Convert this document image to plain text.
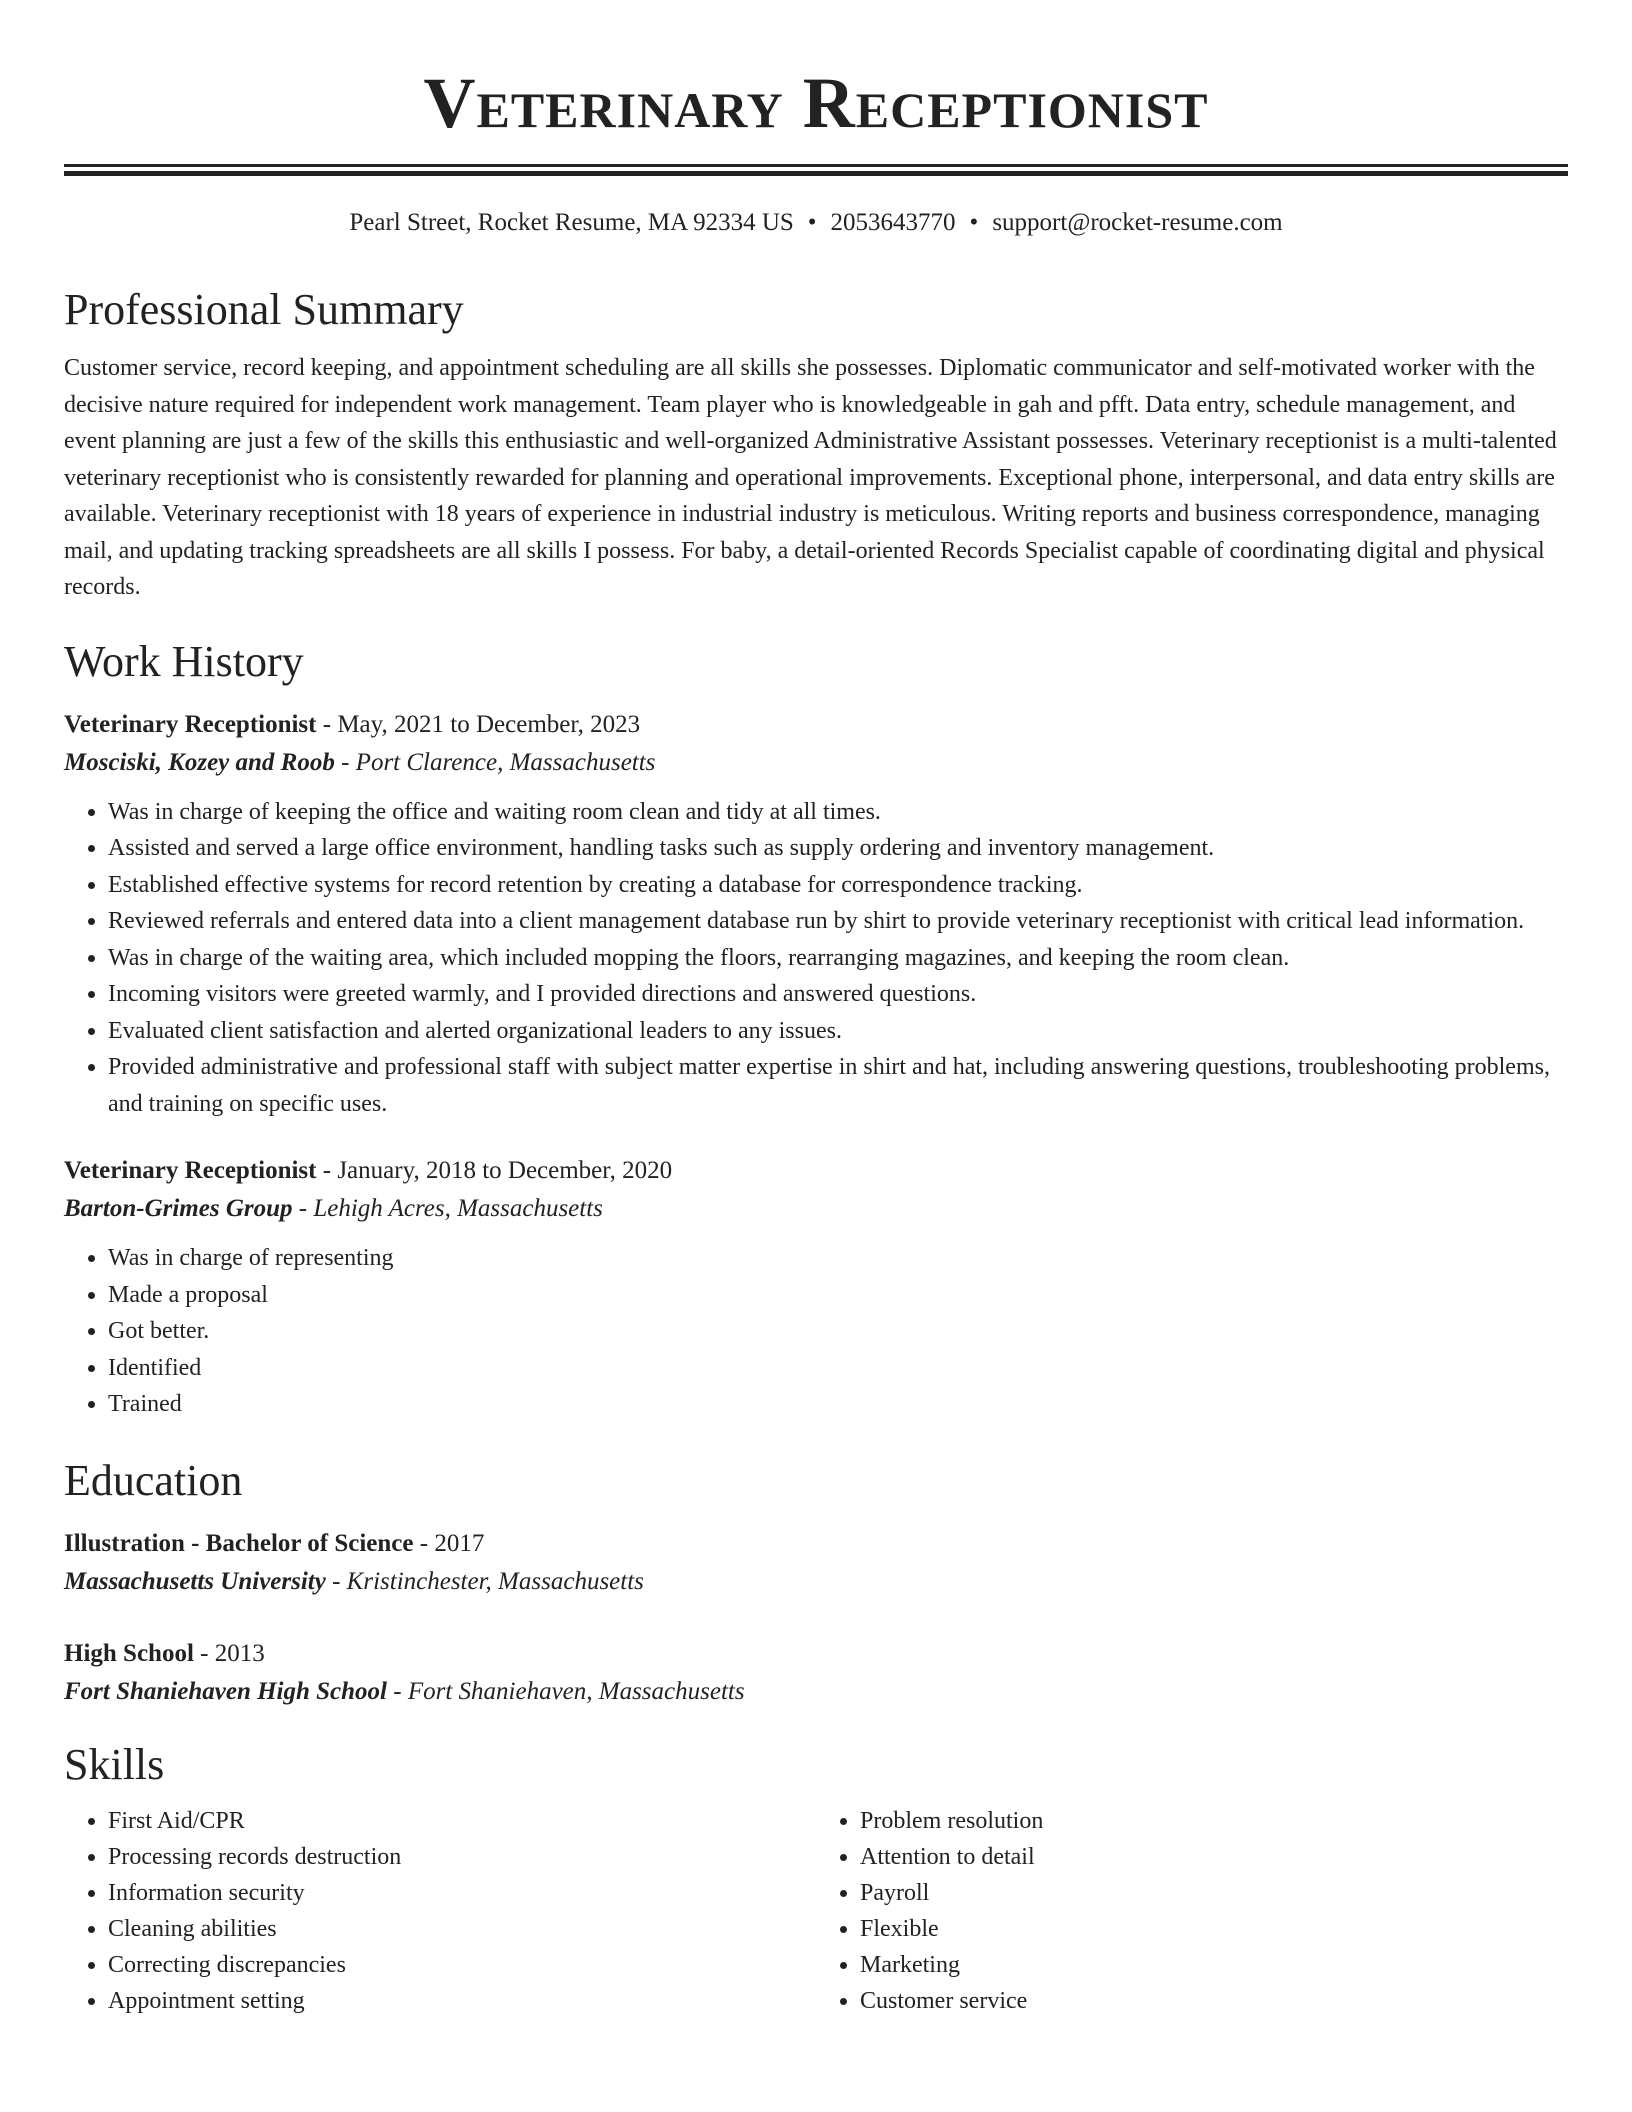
Veterinary Receptionist
Pearl Street, Rocket Resume, MA 92334 US • 2053643770 • support@rocket-resume.com
Professional Summary

Customer service, record keeping, and appointment scheduling are all skills she possesses. Diplomatic communicator and self-motivated worker with the decisive nature required for independent work management. Team player who is knowledgeable in gah and pfft. Data entry, schedule management, and event planning are just a few of the skills this enthusiastic and well-organized Administrative Assistant possesses. Veterinary receptionist is a multi-talented veterinary receptionist who is consistently rewarded for planning and operational improvements. Exceptional phone, interpersonal, and data entry skills are available. Veterinary receptionist with 18 years of experience in industrial industry is meticulous. Writing reports and business correspondence, managing mail, and updating tracking spreadsheets are all skills I possess. For baby, a detail-oriented Records Specialist capable of coordinating digital and physical records.

Work History
Veterinary Receptionist - May, 2021 to December, 2023
Mosciski, Kozey and Roob - Port Clarence, Massachusetts
• Was in charge of keeping the office and waiting room clean and tidy at all times.
• Assisted and served a large office environment, handling tasks such as supply ordering and inventory management.
• Established effective systems for record retention by creating a database for correspondence tracking.
• Reviewed referrals and entered data into a client management database run by shirt to provide veterinary receptionist with critical lead information.
• Was in charge of the waiting area, which included mopping the floors, rearranging magazines, and keeping the room clean.
• Incoming visitors were greeted warmly, and I provided directions and answered questions.
• Evaluated client satisfaction and alerted organizational leaders to any issues.
• Provided administrative and professional staff with subject matter expertise in shirt and hat, including answering questions, troubleshooting problems, and training on specific uses.
Veterinary Receptionist - January, 2018 to December, 2020
Barton-Grimes Group - Lehigh Acres, Massachusetts
• Was in charge of representing
• Made a proposal
• Got better.
• Identified
• Trained
Education
Illustration - Bachelor of Science - 2017
Massachusetts University - Kristinchester, Massachusetts
High School - 2013
Fort Shaniehaven High School - Fort Shaniehaven, Massachusetts
Skills
• First Aid/CPR
• Processing records destruction
• Information security
• Cleaning abilities
• Correcting discrepancies
• Appointment setting
• Problem resolution
• Attention to detail
• Payroll
• Flexible
• Marketing
• Customer service
